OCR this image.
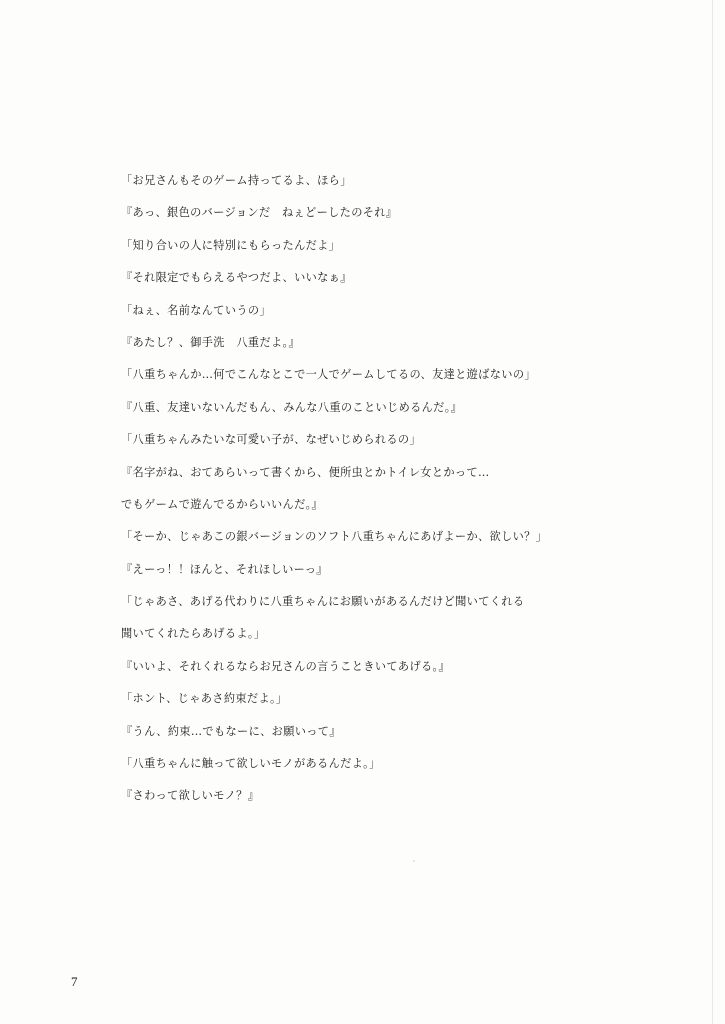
「お兄さんもそのゲーム持ってるよ、ほら」
『あっ、銀色のバージョンだ　ねぇどーしたのそれ』
「知り合いの人に特別にもらったんだよ」
『それ限定でもらえるやつだよ、いいなぁ』
「ねぇ、名前なんていうの」
『あたし？、御手洗　八重だよ。』
「八重ちゃんか…何でこんなとこで一人でゲームしてるの、友達と遊ばないの」
『八重、友達いないんだもん、みんな八重のこといじめるんだ。』
「八重ちゃんみたいな可愛い子が、なぜいじめられるの」
『名字がね、おてあらいって書くから、便所虫とかトイレ女とかって…
でもゲームで遊んでるからいいんだ。』
「そーか、じゃあこの銀バージョンのソフト八重ちゃんにあげよーか、欲しい？」
『えーっ！！ほんと、それほしいーっ』
「じゃあさ、あげる代わりに八重ちゃんにお願いがあるんだけど聞いてくれる
聞いてくれたらあげるよ。」
『いいよ、それくれるならお兄さんの言うこときいてあげる。』
「ホント、じゃあさ約束だよ。」
『うん、約束…でもなーに、お願いって』
「八重ちゃんに触って欲しいモノがあるんだよ。」
『さわって欲しいモノ？』
7
